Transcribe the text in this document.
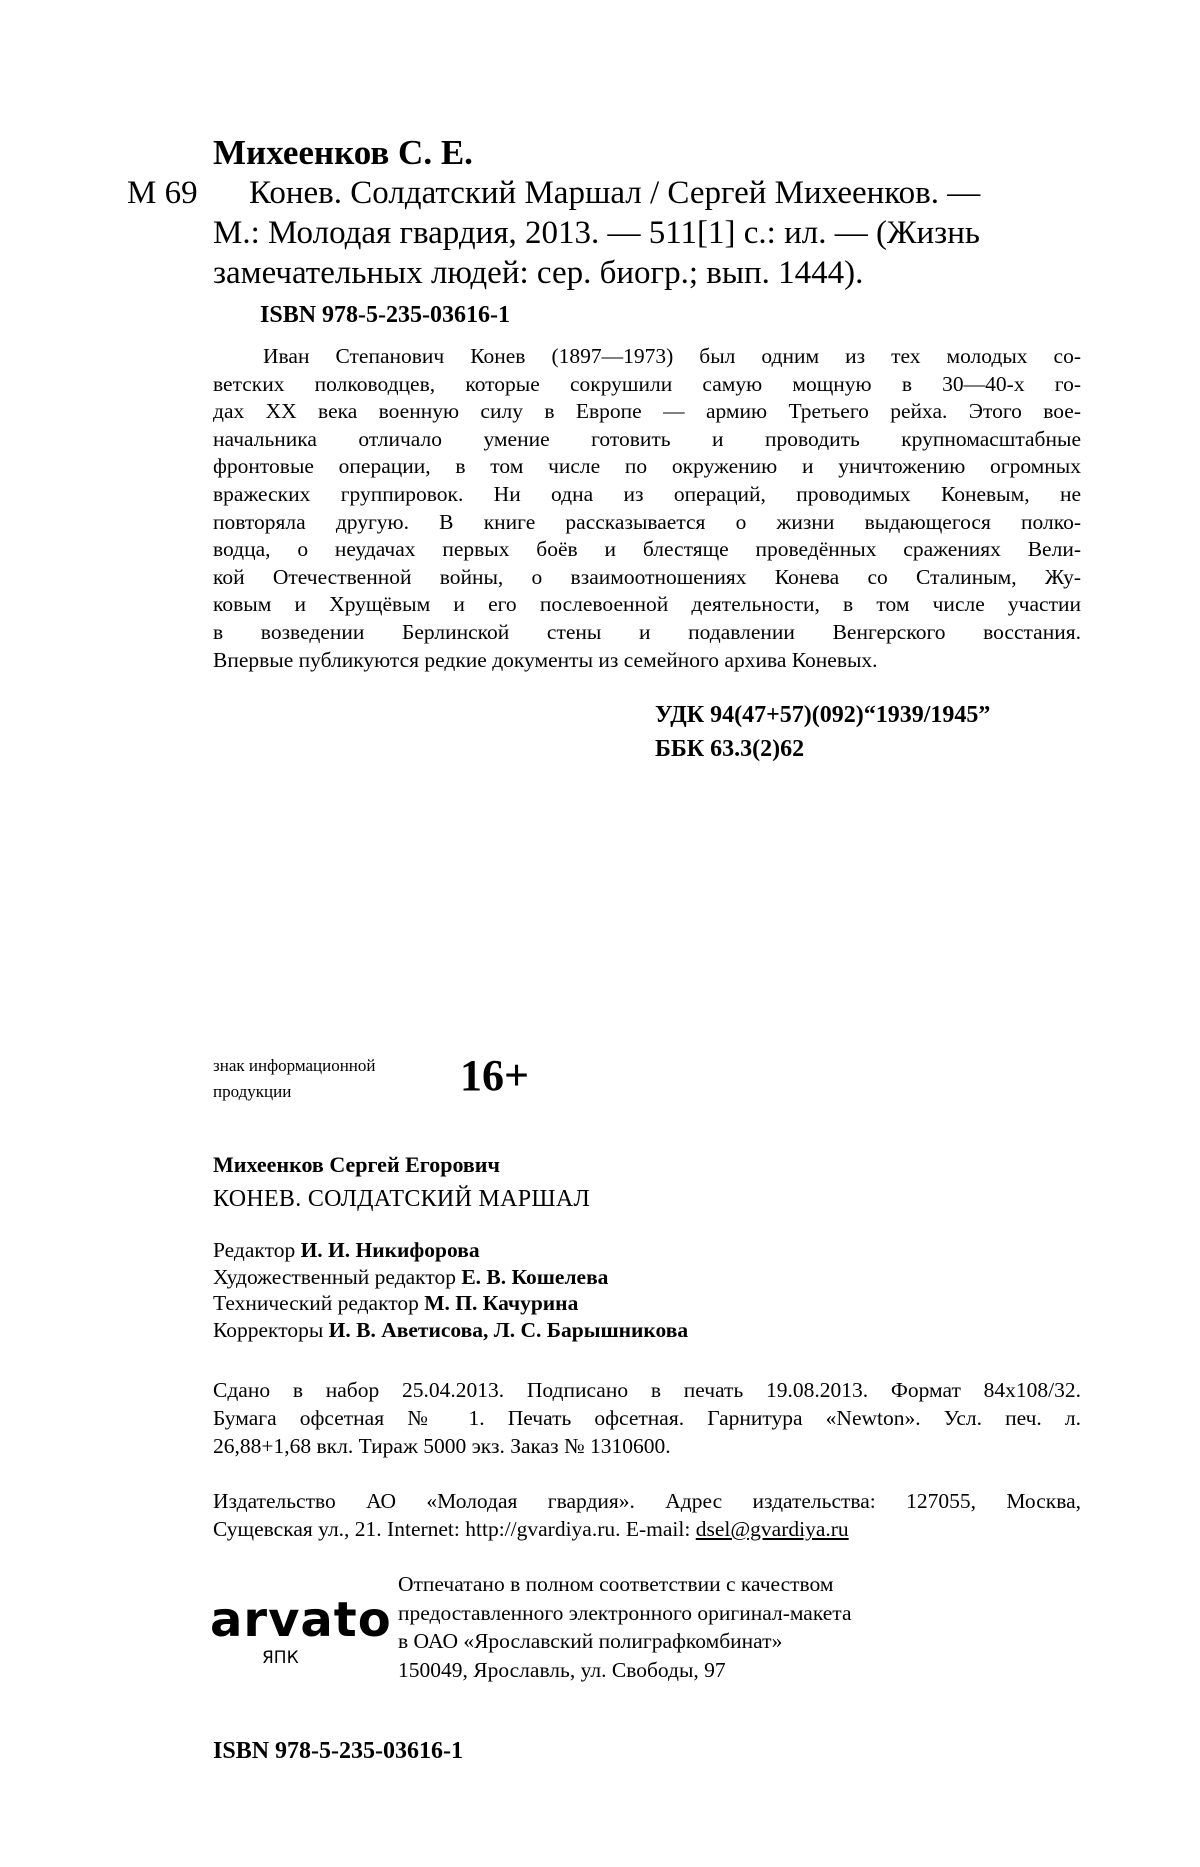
Михеенков С. Е.
М 69	Конев. Солдатский Маршал / Сергей Михеенков. —
М.: Молодая гвардия, 2013. — 511[1] с.: ил. — (Жизнь
замечательных людей: сер. биогр.; вып. 1444).
ISBN 978-5-235-03616-1
Иван Степанович Конев (1897—1973) был одним из тех молодых со-
ветских полководцев, которые сокрушили самую мощную в 30—40-х го-
дах XX века военную силу в Европе — армию Третьего рейха. Этого вое-
начальника отличало умение готовить и проводить крупномасштабные
фронтовые операции, в том числе по окружению и уничтожению огромных
вражеских группировок. Ни одна из операций, проводимых Коневым, не
повторяла другую. В книге рассказывается о жизни выдающегося полко-
водца, о неудачах первых боёв и блестяще проведённых сражениях Вели-
кой Отечественной войны, о взаимоотношениях Конева со Сталиным, Жу-
ковым и Хрущёвым и его послевоенной деятельности, в том числе участии
в возведении Берлинской стены и подавлении Венгерского восстания.
Впервые публикуются редкие документы из семейного архива Коневых.
УДК 94(47+57)(092)“1939/1945”
ББК 63.3(2)62
знак информационной
продукции	16+
Михеенков Сергей Егорович
КОНЕВ. СОЛДАТСКИЙ МАРШАЛ
Редактор И. И. Никифорова
Художественный редактор Е. В. Кошелева
Технический редактор М. П. Качурина
Корректоры И. В. Аветисова, Л. С. Барышникова
Сдано в набор 25.04.2013. Подписано в печать 19.08.2013. Формат 84x108/32.
Бумага офсетная № 1. Печать офсетная. Гарнитура «Newton». Усл. печ. л.
26,88+1,68 вкл. Тираж 5000 экз. Заказ № 1310600.
Издательство АО «Молодая гвардия». Адрес издательства: 127055, Москва,
Сущевская ул., 21. Internet: http://gvardiya.ru. E-mail: dsel@gvardiya.ru
arvato
ЯПК
Отпечатано в полном соответствии с качеством
предоставленного электронного оригинал-макета
в ОАО «Ярославский полиграфкомбинат»
150049, Ярославль, ул. Свободы, 97
ISBN 978-5-235-03616-1
